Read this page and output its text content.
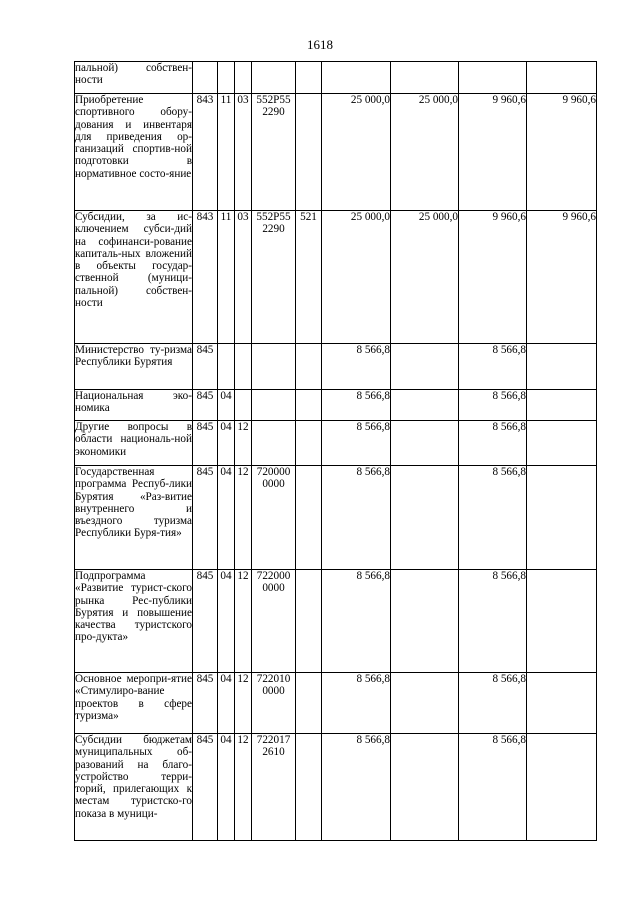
1618
пальной) собствен-ности									
Приобретение спортивного обору-дования и инвентаря для приведения ор-ганизаций спортив-ной подготовки в нормативное состо-яние	843	11	03	552P55 2290		25 000,0	25 000,0	9 960,6	9 960,6
Субсидии, за ис-ключением субси-дий на софинанси-рование капиталь-ных вложений в объекты государ-ственной (муници-пальной) собствен-ности	843	11	03	552P55 2290	521	25 000,0	25 000,0	9 960,6	9 960,6
Министерство ту-ризма Республики Бурятия	845					8 566,8		8 566,8	
Национальная эко-номика	845	04				8 566,8		8 566,8	
Другие вопросы в области националь-ной экономики	845	04	12			8 566,8		8 566,8	
Государственная программа Респуб-лики Бурятия «Раз-витие внутреннего и въездного туризма Республики Буря-тия»	845	04	12	720000 0000		8 566,8		8 566,8	
Подпрограмма «Развитие турист-ского рынка Рес-публики Бурятия и повышение качества туристского про-дукта»	845	04	12	722000 0000		8 566,8		8 566,8	
Основное меропри-ятие «Стимулиро-вание проектов в сфере туризма»	845	04	12	722010 0000		8 566,8		8 566,8	
Субсидии бюджетам муниципальных об-разований на благо-устройство терри-торий, прилегающих к местам туристско-го показа в муници-	845	04	12	722017 2610		8 566,8		8 566,8	
